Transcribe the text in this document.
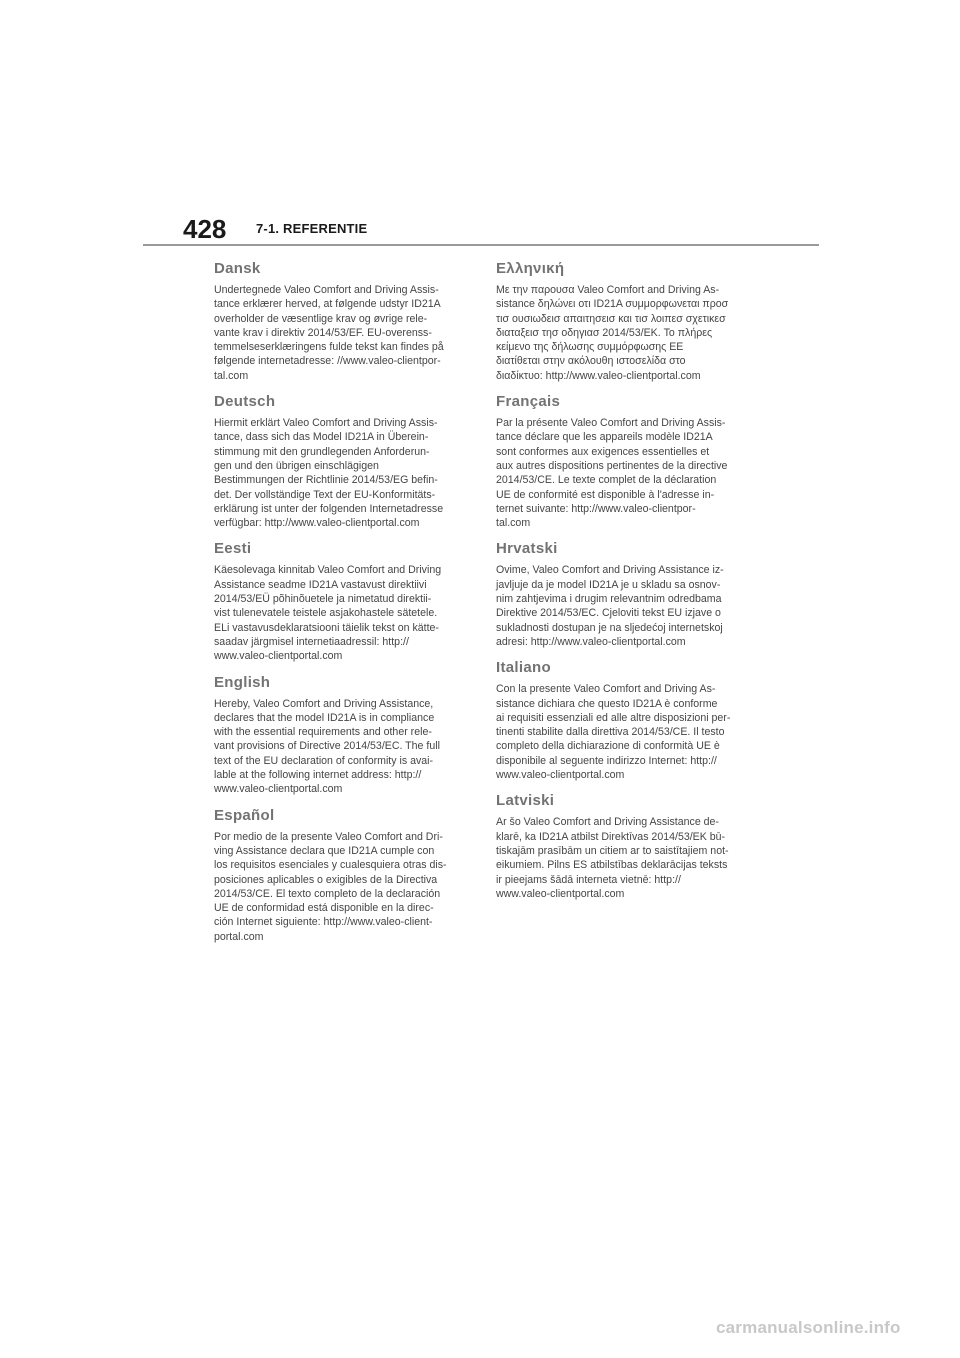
428 7-1. REFERENTIE
Dansk

Undertegnede Valeo Comfort and Driving Assis-
tance erklærer herved, at følgende udstyr ID21A
overholder de væsentlige krav og øvrige rele-
vante krav i direktiv 2014/53/EF. EU-overenss-
temmelseserklæringens fulde tekst kan findes på
følgende internetadresse: //www.valeo-clientpor-
tal.com

Deutsch

Hiermit erklärt Valeo Comfort and Driving Assis-
tance, dass sich das Model ID21A in Überein-
stimmung mit den grundlegenden Anforderun-
gen und den übrigen einschlägigen
Bestimmungen der Richtlinie 2014/53/EG befin-
det. Der vollständige Text der EU-Konformitäts-
erklärung ist unter der folgenden Internetadresse
verfügbar: http://www.valeo-clientportal.com

Eesti

Käesolevaga kinnitab Valeo Comfort and Driving
Assistance seadme ID21A vastavust direktiivi
2014/53/EÜ põhinõuetele ja nimetatud direktii-
vist tulenevatele teistele asjakohastele sätetele.
ELi vastavusdeklaratsiooni täielik tekst on kätte-
saadav järgmisel internetiaadressil: http://
www.valeo-clientportal.com

English

Hereby, Valeo Comfort and Driving Assistance,
declares that the model ID21A is in compliance
with the essential requirements and other rele-
vant provisions of Directive 2014/53/EC. The full
text of the EU declaration of conformity is avai-
lable at the following internet address: http://
www.valeo-clientportal.com

Español

Por medio de la presente Valeo Comfort and Dri-
ving Assistance declara que ID21A cumple con
los requisitos esenciales y cualesquiera otras dis-
posiciones aplicables o exigibles de la Directiva
2014/53/CE. El texto completo de la declaración
UE de conformidad está disponible en la direc-
ción Internet siguiente: http://www.valeo-client-
portal.com

Ελληνική

Με την παρουσα Valeo Comfort and Driving As-
sistance δηλώνει οτι ID21A συμμορφωνεται προσ
τισ ουσιωδεισ απαιτησεισ και τισ λοιπεσ σχετικεσ
διαταξεισ τησ οδηγιασ 2014/53/EK. Το πλήρες
κείμενο της δήλωσης συμμόρφωσης ΕΕ
διατίθεται στην ακόλουθη ιστοσελίδα στο
διαδίκτυο: http://www.valeo-clientportal.com

Français

Par la présente Valeo Comfort and Driving Assis-
tance déclare que les appareils modèle ID21A
sont conformes aux exigences essentielles et
aux autres dispositions pertinentes de la directive
2014/53/CE. Le texte complet de la déclaration
UE de conformité est disponible à l'adresse in-
ternet suivante: http://www.valeo-clientpor-
tal.com

Hrvatski

Ovime, Valeo Comfort and Driving Assistance iz-
javljuje da je model ID21A je u skladu sa osnov-
nim zahtjevima i drugim relevantnim odredbama
Direktive 2014/53/EC. Cjeloviti tekst EU izjave o
sukladnosti dostupan je na sljedećoj internetskoj
adresi: http://www.valeo-clientportal.com

Italiano

Con la presente Valeo Comfort and Driving As-
sistance dichiara che questo ID21A è conforme
ai requisiti essenziali ed alle altre disposizioni per-
tinenti stabilite dalla direttiva 2014/53/CE. Il testo
completo della dichiarazione di conformità UE è
disponibile al seguente indirizzo Internet: http://
www.valeo-clientportal.com

Latviski

Ar šo Valeo Comfort and Driving Assistance de-
klarē, ka ID21A atbilst Direktīvas 2014/53/EK bū-
tiskajām prasībām un citiem ar to saistītajiem not-
eikumiem. Pilns ES atbilstības deklarācijas teksts
ir pieejams šādā interneta vietnē: http://
www.valeo-clientportal.com

carmanualsonline.info
